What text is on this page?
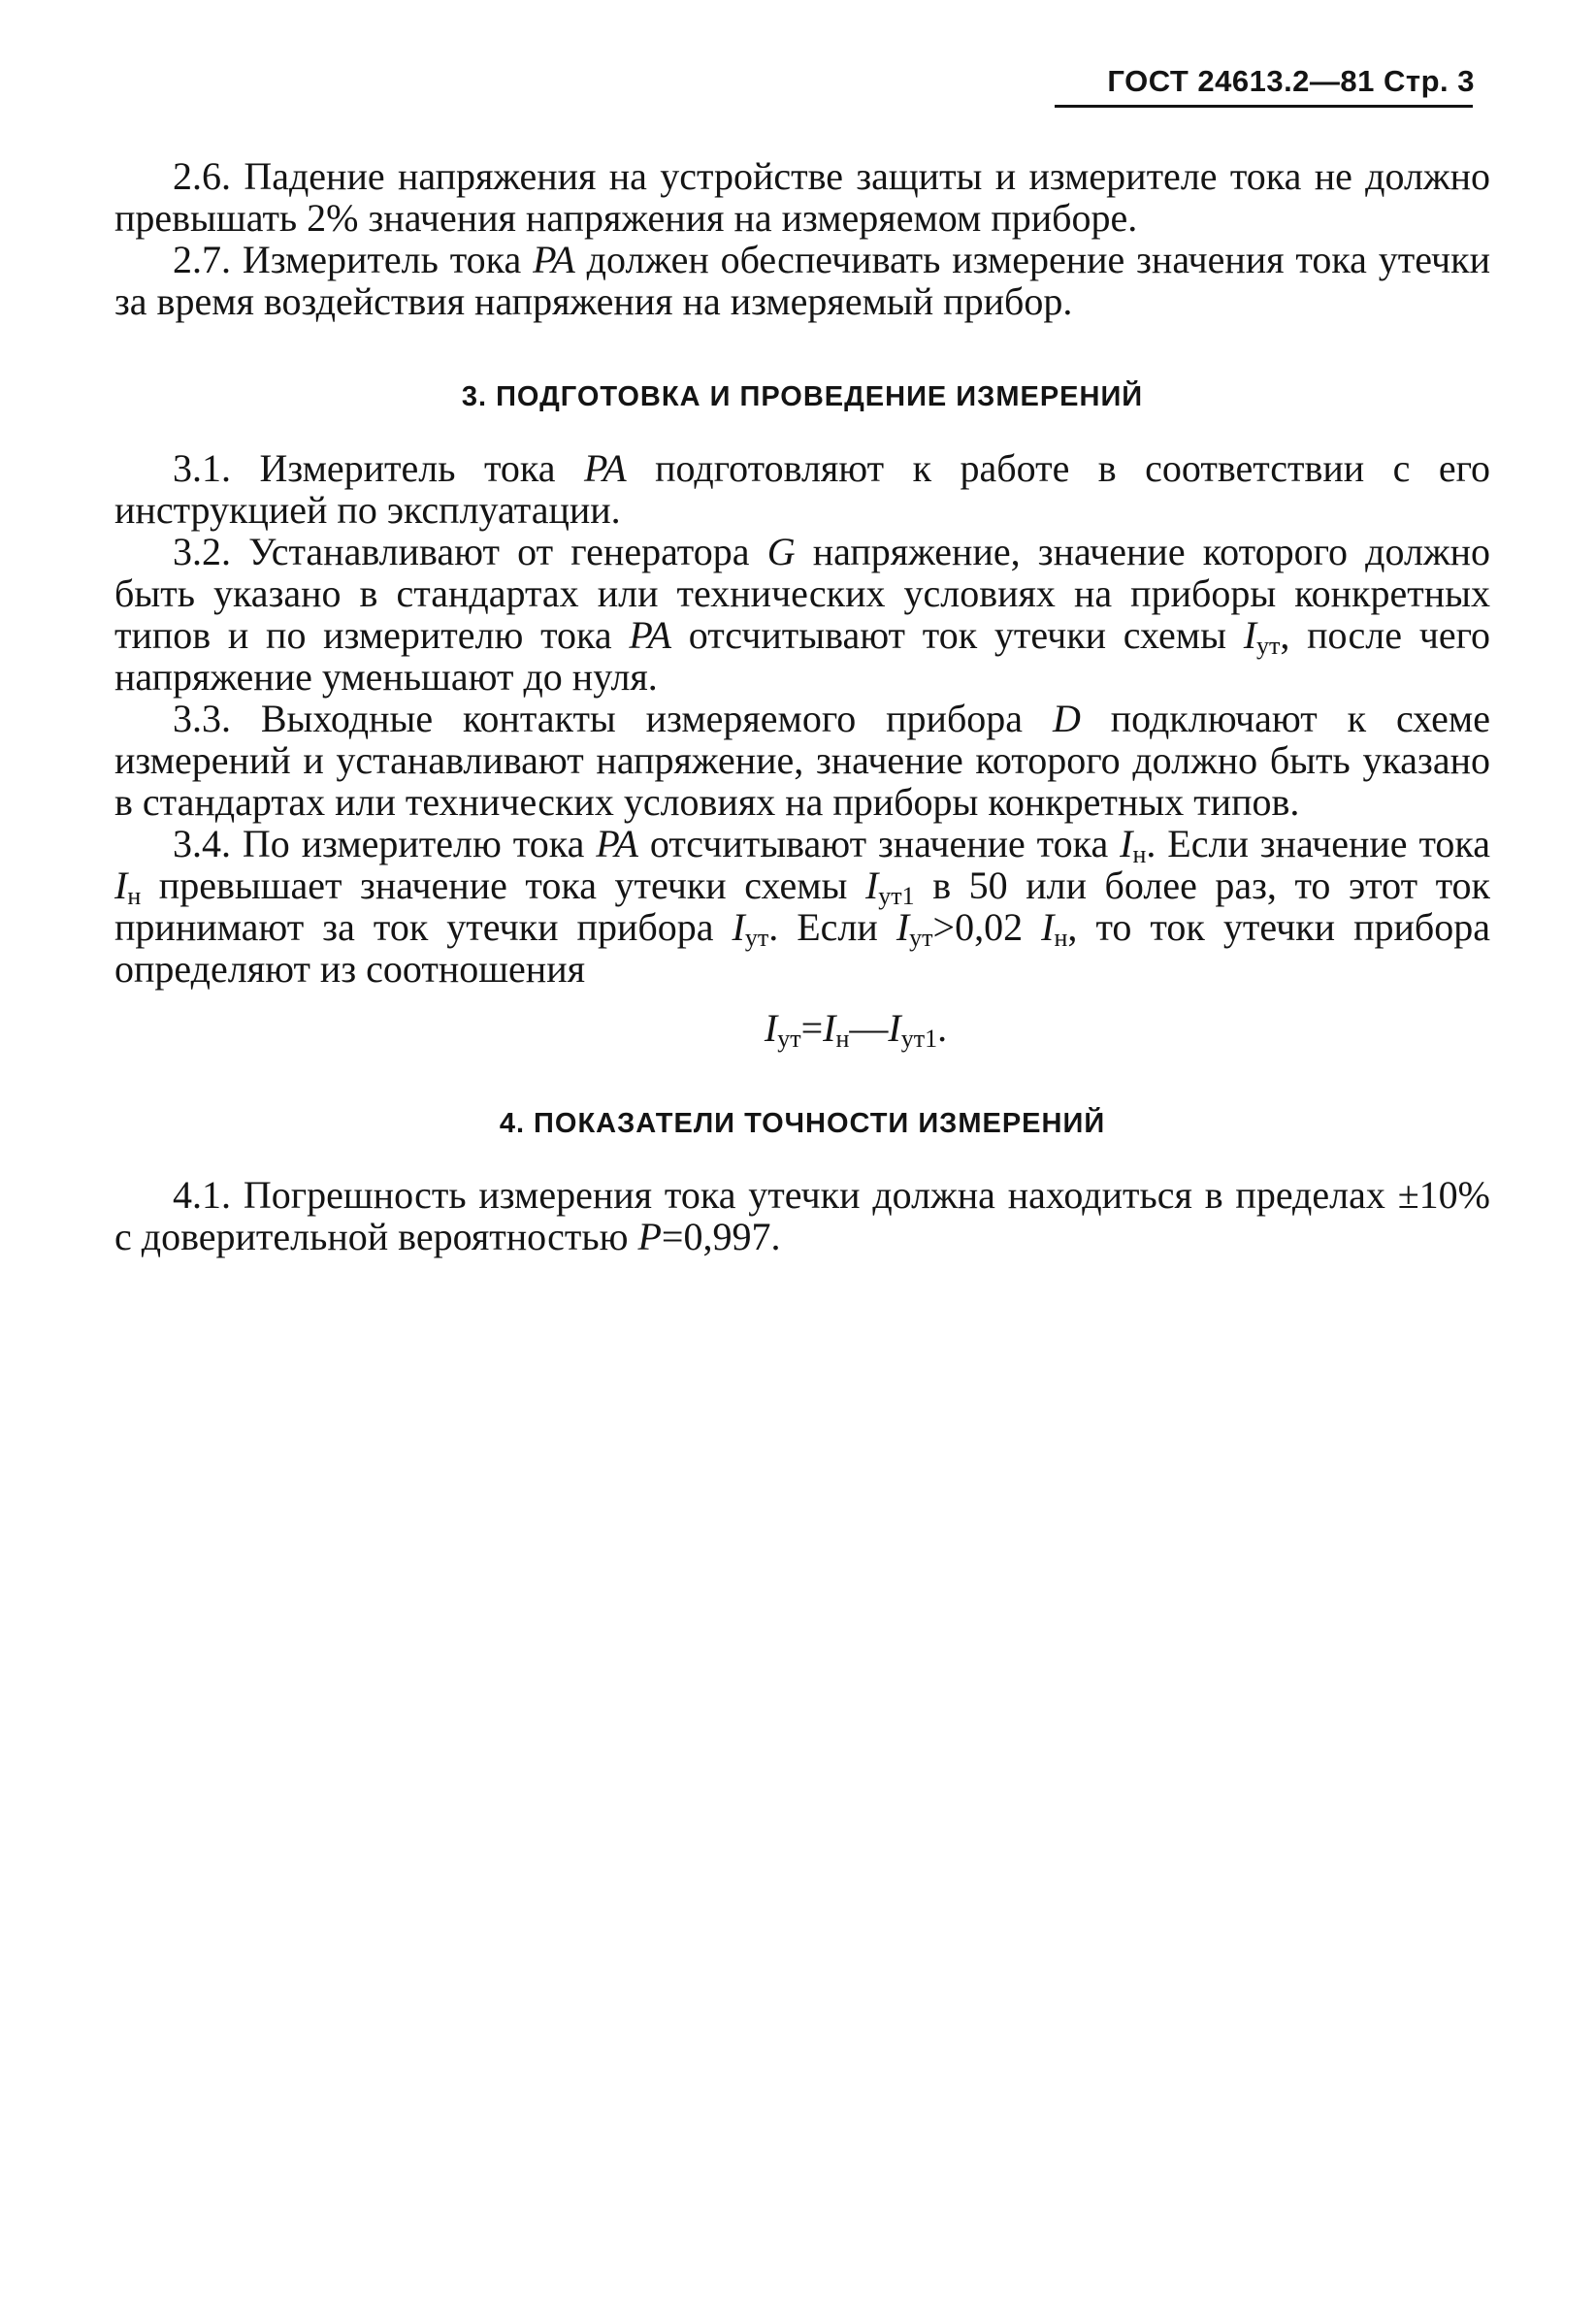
ГОСТ 24613.2—81 Стр. 3

2.6. Падение напряжения на устройстве защиты и измерителе тока не должно превышать 2% значения напряжения на измеряемом приборе.

2.7. Измеритель тока PA должен обеспечивать измерение значения тока утечки за время воздействия напряжения на измеряемый прибор.

3. ПОДГОТОВКА И ПРОВЕДЕНИЕ ИЗМЕРЕНИЙ

3.1. Измеритель тока PA подготовляют к работе в соответствии с его инструкцией по эксплуатации.

3.2. Устанавливают от генератора G напряжение, значение которого должно быть указано в стандартах или технических условиях на приборы конкретных типов и по измерителю тока PA отсчитывают ток утечки схемы $I_{ут}$, после чего напряжение уменьшают до нуля.

3.3. Выходные контакты измеряемого прибора D подключают к схеме измерений и устанавливают напряжение, значение которого должно быть указано в стандартах или технических условиях на приборы конкретных типов.

3.4. По измерителю тока PA отсчитывают значение тока $I_н$. Если значение тока $I_н$ превышает значение тока утечки схемы $I_{ут1}$ в 50 или более раз, то этот ток принимают за ток утечки прибора $I_{ут}$. Если $I_{ут}>0,02$ $I_н$, то ток утечки прибора определяют из соотношения

$I_{ут}=I_н—I_{ут1}$.
4. ПОКАЗАТЕЛИ ТОЧНОСТИ ИЗМЕРЕНИЙ

4.1. Погрешность измерения тока утечки должна находиться в пределах ±10% с доверительной вероятностью P=0,997.
